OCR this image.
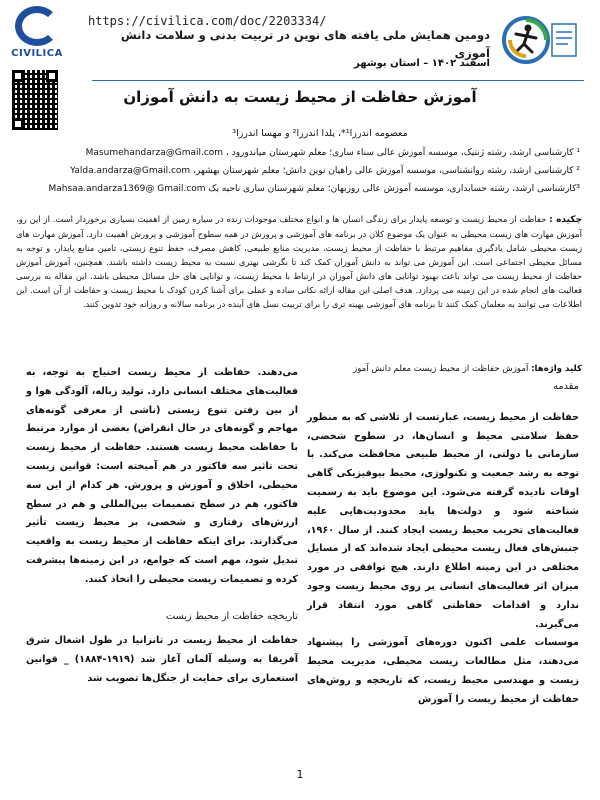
CIVILICA
https://civilica.com/doc/2203334/
دومین همایش ملی یافته های نوین در تربیت بدنی و سلامت دانش آموزی
اسفند ۱۴۰۲ – استان بوشهر
آموزش حفاظت از محیط زیست به دانش آموزان
معصومه اندرزا¹*، یلدا اندرزا² و مهسا اندرزا³
¹ کارشناسی ارشد، رشته ژنتیک، موسسه آموزش عالی سناء ساری؛ معلم شهرستان میاندورود ، Masumehandarza@Gmail.com
² کارشناسی ارشد، رشته روانشناسی، موسسه آموزش عالی راهیان نوین دانش؛ معلم شهرستان بهشهر، Yalda.andarza@Gmail.com
³کارشناسی ارشد، رشته حسابداری، موسسه آموزش عالی روزبهان؛ معلم شهرستان ساری ناحیه یک Mahsaa.andarza1369@ Gmail.com
چکیده : حفاظت از محیط زیست و توسعه پایدار برای زندگی انسان ها و انواع مختلف موجودات زنده در سیاره زمین از اهمیت بسیاری برخوردار است. از این رو، آموزش مهارت های زیست محیطی به عنوان یک موضوع کلان در برنامه های آموزشی و پرورش در همه سطوح آموزشی و پرورش اهمیت دارد. آموزش مهارت های زیست محیطی شامل یادگیری مفاهیم مرتبط با حفاظت از محیط زیست، مدیریت منابع طبیعی، کاهش مصرف، حفظ تنوع زیستی، تامین منابع پایدار، و توجه به مسائل محیطی اجتماعی است. این آموزش می تواند به دانش آموزان کمک کند تا نگرشی بهتری نسبت به محیط زیست داشته باشند. همچنین، آموزش آموزش حفاظت از محیط زیست می تواند باعث بهبود توانایی های دانش آموزان در ارتباط با محیط زیست، و توانایی های حل مسائل محیطی باشد. این مقاله به بررسی فعالیت های انجام شده در این زمینه می پردازد. هدف اصلی این مقاله ارائه نکاتی ساده و عملی برای آشنا کردن کودک با محیط زیست و حفاظت از آن است. این اطلاعات می توانند به معلمان کمک کنند تا برنامه های آموزشی بهینه تری را برای تربیت نسل های آینده در برنامه سالانه و روزانه خود تدوین کنند.
کلید واژه‌ها: آموزش حفاظت از محیط زیست معلم دانش آموز

مقدمه

حفاظت از محیط زیست، عبارتست از تلاشی که به منظور حفظ سلامتی محیط و انسان‌ها، در سطوح شخصی، سازمانی یا دولتی، از محیط طبیعی محافظت می‌کند. با توجه به رشد جمعیت و تکنولوژی، محیط بیوفیزیکی گاهی اوقات نادیده گرفته می‌شود. این موضوع باید به رسمیت شناخته شود و دولت‌ها باید محدودیت‌هایی علیه فعالیت‌های تخریب محیط زیست ایجاد کنند. از سال ۱۹۶۰، جنبش‌های فعال زیست محیطی ایجاد شده‌اند که از مسایل مختلفی در این زمینه اطلاع دارند. هیچ توافقی در مورد میزان اثر فعالیت‌های انسانی بر روی محیط زیست وجود ندارد و اقدامات حفاظتی گاهی مورد انتقاد قرار می‌گیرند.

موسسات علمی اکنون دوره‌های آموزشی را پیشنهاد می‌دهند، مثل مطالعات زیست محیطی، مدیریت محیط زیست و مهندسی محیط زیست، که تاریخچه و روش‌های حفاظت از محیط زیست را آموزش

می‌دهند. حفاظت از محیط زیست احتیاج به توجه، به فعالیت‌های مختلف انسانی دارد. تولید زباله، آلودگی هوا و از بین رفتن تنوع زیستی (ناشی از معرفی گونه‌های مهاجم و گونه‌های در حال انقراض) بعضی از موارد مرتبط با حفاظت محیط زیست هستند. حفاظت از محیط زیست تحت تاثیر سه فاکتور در هم آمیخته است: قوانین زیست محیطی، اخلاق و آموزش و پرورش. هر کدام از این سه فاکتور، هم در سطح تصمیمات بین‌المللی و هم در سطح ارزش‌های رفتاری و شخصی، بر محیط زیست تأثیر می‌گذارند. برای اینکه حفاظت از محیط زیست به واقعیت تبدیل شود، مهم است که جوامع، در این زمینه‌ها پیشرفت کرده و تصمیمات زیست محیطی را اتخاذ کنند.

تاریخچه حفاظت از محیط زیست

حفاظت از محیط زیست در تانزانیا در طول اشغال شرق آفریقا به وسیله آلمان آغاز شد (۱۹۱۹-۱۸۸۴) _ قوانین استعماری برای حمایت از جنگل‌ها تصویب شد

1
